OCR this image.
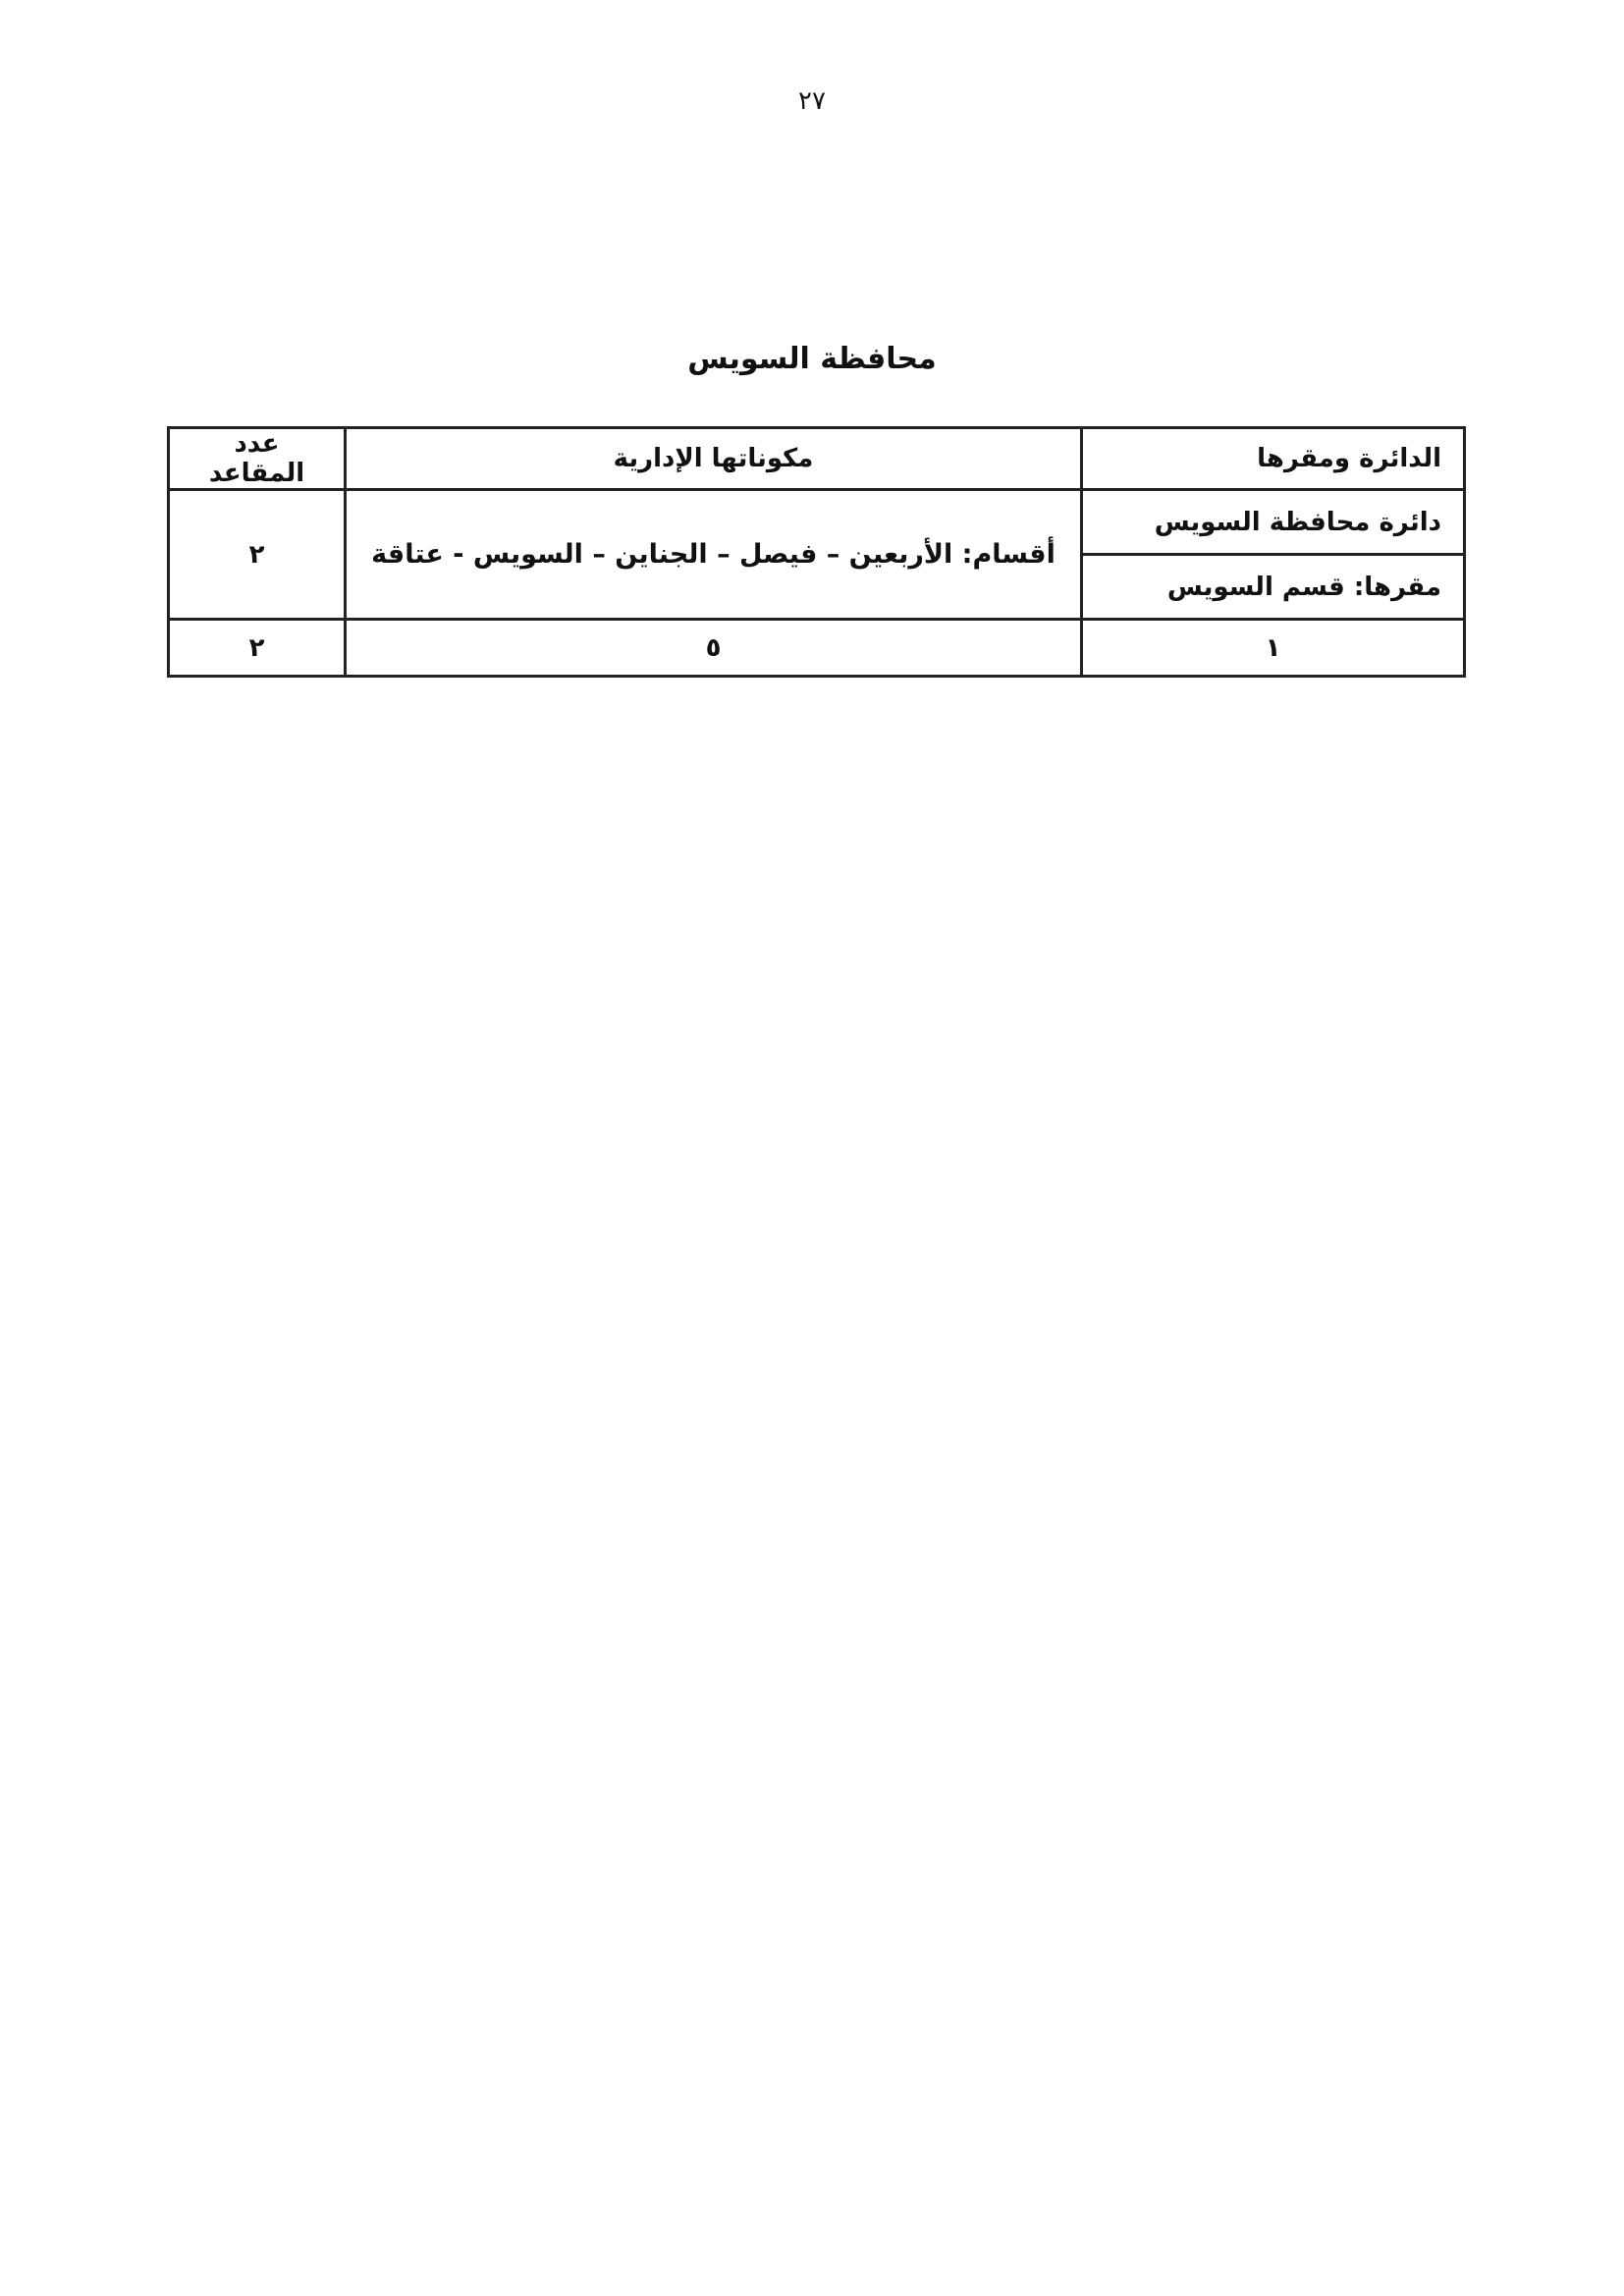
٢٧
محافظة السويس
الدائرة ومقرها	مكوناتها الإدارية	عدد المقاعد
دائرة محافظة السويس	أقسام: الأربعين – فيصل – الجناين – السويس - عتاقة	٢
مقرها: قسم السويس		
١	٥	٢
